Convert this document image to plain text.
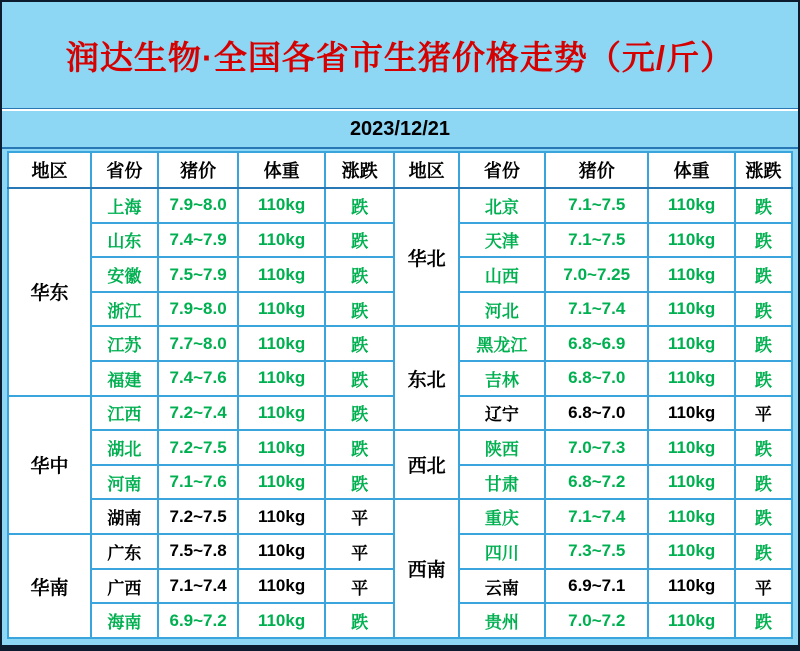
润达生物·全国各省市生猪价格走势（元/斤）
2023/12/21
地区	省份	猪价	体重	涨跌	地区	省份	猪价	体重	涨跌
华东	上海	7.9~8.0	110kg	跌	华北	北京	7.1~7.5	110kg	跌
	山东	7.4~7.9	110kg	跌		天津	7.1~7.5	110kg	跌
	安徽	7.5~7.9	110kg	跌		山西	7.0~7.25	110kg	跌
	浙江	7.9~8.0	110kg	跌		河北	7.1~7.4	110kg	跌
	江苏	7.7~8.0	110kg	跌	东北	黑龙江	6.8~6.9	110kg	跌
	福建	7.4~7.6	110kg	跌		吉林	6.8~7.0	110kg	跌
华中	江西	7.2~7.4	110kg	跌		辽宁	6.8~7.0	110kg	平
	湖北	7.2~7.5	110kg	跌	西北	陕西	7.0~7.3	110kg	跌
	河南	7.1~7.6	110kg	跌		甘肃	6.8~7.2	110kg	跌
	湖南	7.2~7.5	110kg	平	西南	重庆	7.1~7.4	110kg	跌
华南	广东	7.5~7.8	110kg	平		四川	7.3~7.5	110kg	跌
	广西	7.1~7.4	110kg	平		云南	6.9~7.1	110kg	平
	海南	6.9~7.2	110kg	跌		贵州	7.0~7.2	110kg	跌
